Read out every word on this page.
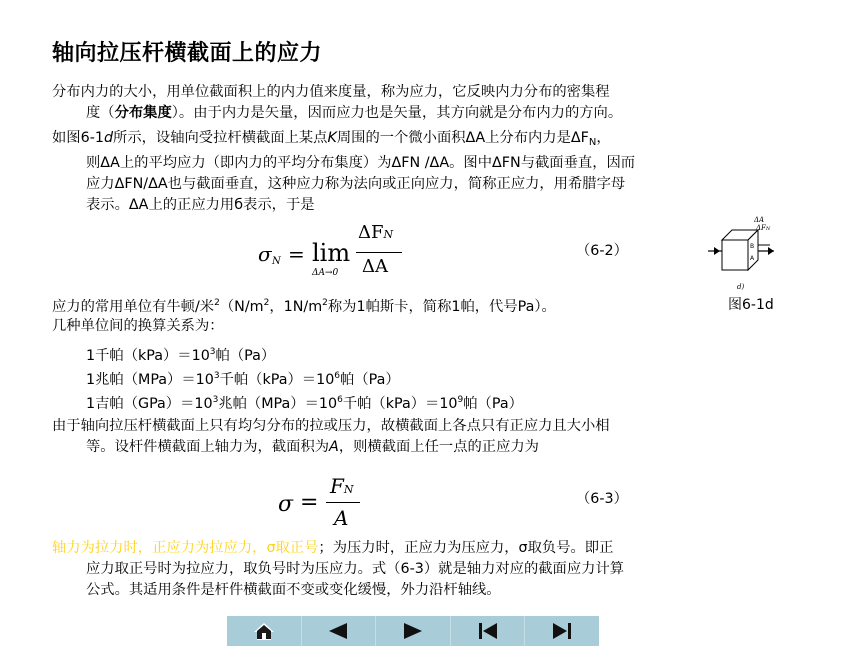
轴向拉压杆横截面上的应力
分布内力的大小，用单位截面积上的内力值来度量，称为应力，它反映内力分布的密集程
度（分布集度）。由于内力是矢量，因而应力也是矢量，其方向就是分布内力的方向。
如图6-1d所示，设轴向受拉杆横截面上某点K周围的一个微小面积ΔA上分布内力是$\Delta F_N$，
则ΔA上的平均应力（即内力的平均分布集度）为ΔFN /ΔA。图中ΔFN与截面垂直，因而
应力ΔFN/ΔA也与截面垂直，这种应力称为法向或正向应力，简称正应力，用希腊字母
表示。ΔA上的正应力用б表示，于是
σ N = lim
ΔA→0
ΔFN
ΔA
（6-2）
ΔA
ΔFN
B
A
d)
图6-1d
应力的常用单位有牛顿/米$^2(N/m^2$，$1N/m^2$称为1帕斯卡，简称1帕，代号Pa）。
几种单位间的换算关系为：
1千帕$(kPa)=10^3$帕（Pa）
1兆帕$(MPa)=10^3$千帕$(kPa)=10^6$帕（Pa）
1吉帕$(GPa)=10^3$兆帕$(MPa)=10^6$千帕$(kPa)=10^9$帕（Pa）
由于轴向拉压杆横截面上只有均匀分布的拉或压力，故横截面上各点只有正应力且大小相
等。设杆件横截面上轴力为，截面积为A，则横截面上任一点的正应力为
σ =
FN
A
（6-3）
轴力为拉力时，正应力为拉应力，σ取正号；为压力时，正应力为压应力，σ取负号。即正
应力取正号时为拉应力，取负号时为压应力。式（6-3）就是轴力对应的截面应力计算
公式。其适用条件是杆件横截面不变或变化缓慢，外力沿杆轴线。
